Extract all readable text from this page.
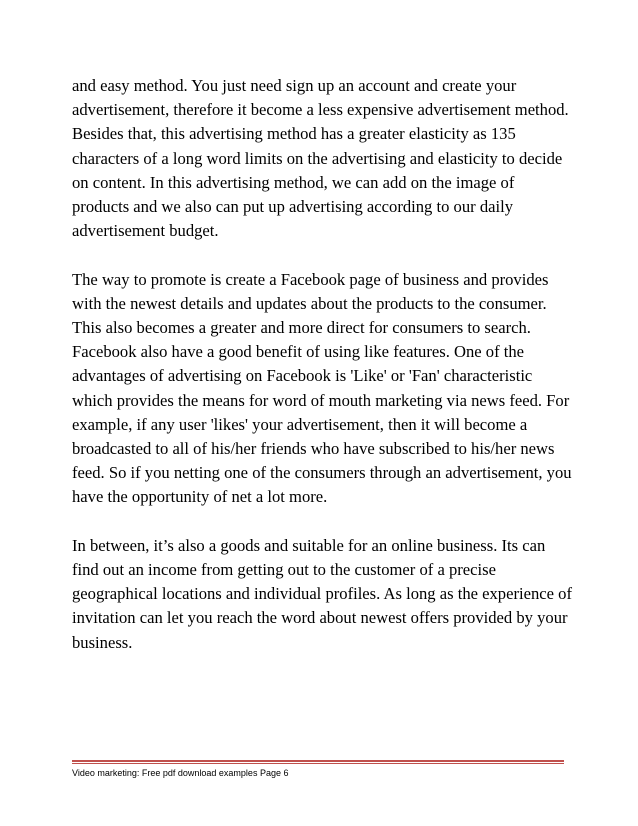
and easy method. You just need sign up an account and create your advertisement, therefore it become a less expensive advertisement method. Besides that, this advertising method has a greater elasticity as 135 characters of a long word limits on the advertising and elasticity to decide on content. In this advertising method, we can add on the image of products and we also can put up advertising according to our daily advertisement budget.

The way to promote is create a Facebook page of business and provides with the newest details and updates about the products to the consumer. This also becomes a greater and more direct for consumers to search. Facebook also have a good benefit of using like features. One of the advantages of advertising on Facebook is 'Like' or 'Fan' characteristic which provides the means for word of mouth marketing via news feed. For example, if any user 'likes' your advertisement, then it will become a broadcasted to all of his/her friends who have subscribed to his/her news feed. So if you netting one of the consumers through an advertisement, you have the opportunity of net a lot more.

In between, it’s also a goods and suitable for an online business. Its can find out an income from getting out to the customer of a precise geographical locations and individual profiles. As long as the experience of invitation can let you reach the word about newest offers provided by your business.

Video marketing: Free pdf download examples Page 6
